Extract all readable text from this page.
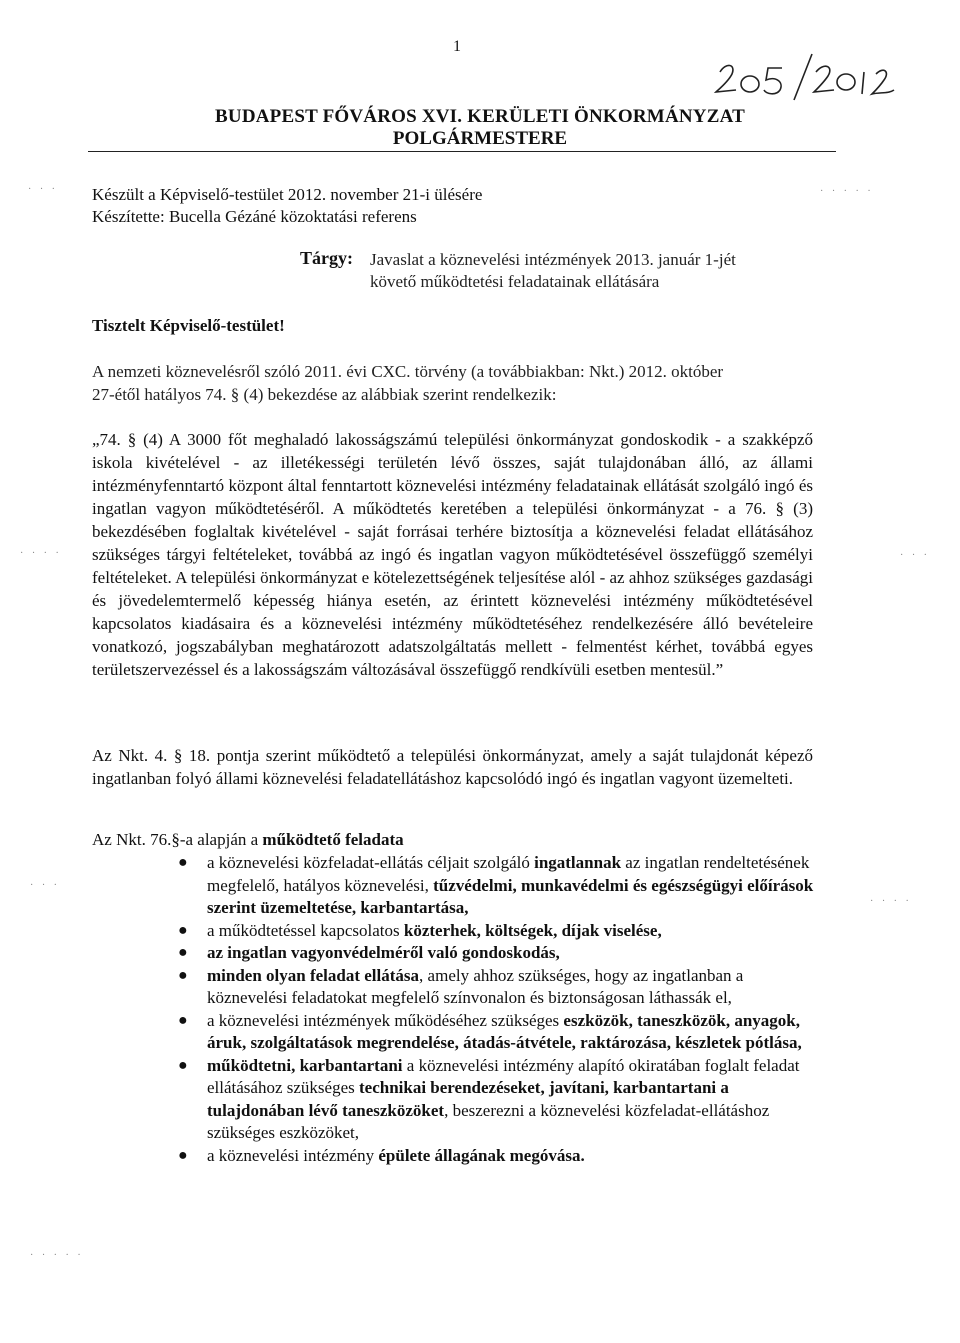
1
BUDAPEST FŐVÁROS XVI. KERÜLETI ÖNKORMÁNYZAT
POLGÁRMESTERE
Készült a Képviselő-testület 2012. november 21-i ülésére
Készítette: Bucella Gézáné közoktatási referens
Tárgy: Javaslat a köznevelési intézmények 2013. január 1-jét
követő működtetési feladatainak ellátására
Tisztelt Képviselő-testület!
A nemzeti köznevelésről szóló 2011. évi CXC. törvény (a továbbiakban: Nkt.) 2012. október
27-étől hatályos 74. § (4) bekezdése az alábbiak szerint rendelkezik:
„74. § (4) A 3000 főt meghaladó lakosságszámú települési önkormányzat gondoskodik - a szakképző iskola kivételével - az illetékességi területén lévő összes, saját tulajdonában álló, az állami intézményfenntartó központ által fenntartott köznevelési intézmény feladatainak ellátását szolgáló ingó és ingatlan vagyon működtetéséről. A működtetés keretében a települési önkormányzat - a 76. § (3) bekezdésében foglaltak kivételével - saját forrásai terhére biztosítja a köznevelési feladat ellátásához szükséges tárgyi feltételeket, továbbá az ingó és ingatlan vagyon működtetésével összefüggő személyi feltételeket. A települési önkormányzat e kötelezettségének teljesítése alól - az ahhoz szükséges gazdasági és jövedelemtermelő képesség hiánya esetén, az érintett köznevelési intézmény működtetésével kapcsolatos kiadásaira és a köznevelési intézmény működtetéséhez rendelkezésére álló bevételeire vonatkozó, jogszabályban meghatározott adatszolgáltatás mellett - felmentést kérhet, továbbá egyes területszervezéssel és a lakosságszám változásával összefüggő rendkívüli esetben mentesül.”
Az Nkt. 4. § 18. pontja szerint működtető a települési önkormányzat, amely a saját tulajdonát képező ingatlanban folyó állami köznevelési feladatellátáshoz kapcsolódó ingó és ingatlan vagyont üzemelteti.
Az Nkt. 76.§-a alapján a működtető feladata
● a köznevelési közfeladat-ellátás céljait szolgáló ingatlannak az ingatlan rendeltetésének megfelelő, hatályos köznevelési, tűzvédelmi, munkavédelmi és egészségügyi előírások szerint üzemeltetése, karbantartása,
● a működtetéssel kapcsolatos közterhek, költségek, díjak viselése,
● az ingatlan vagyonvédelméről való gondoskodás,
● minden olyan feladat ellátása, amely ahhoz szükséges, hogy az ingatlanban a köznevelési feladatokat megfelelő színvonalon és biztonságosan láthassák el,
● a köznevelési intézmények működéséhez szükséges eszközök, taneszközök, anyagok, áruk, szolgáltatások megrendelése, átadás-átvétele, raktározása, készletek pótlása,
● működtetni, karbantartani a köznevelési intézmény alapító okiratában foglalt feladat ellátásához szükséges technikai berendezéseket, javítani, karbantartani a tulajdonában lévő taneszközöket, beszerezni a köznevelési közfeladat-ellátáshoz szükséges eszközöket,
● a köznevelési intézmény épülete állagának megóvása.
· · ·	· · · · ·
· · · ·	· · ·
· · ·
· · · ·
· · · · ·
